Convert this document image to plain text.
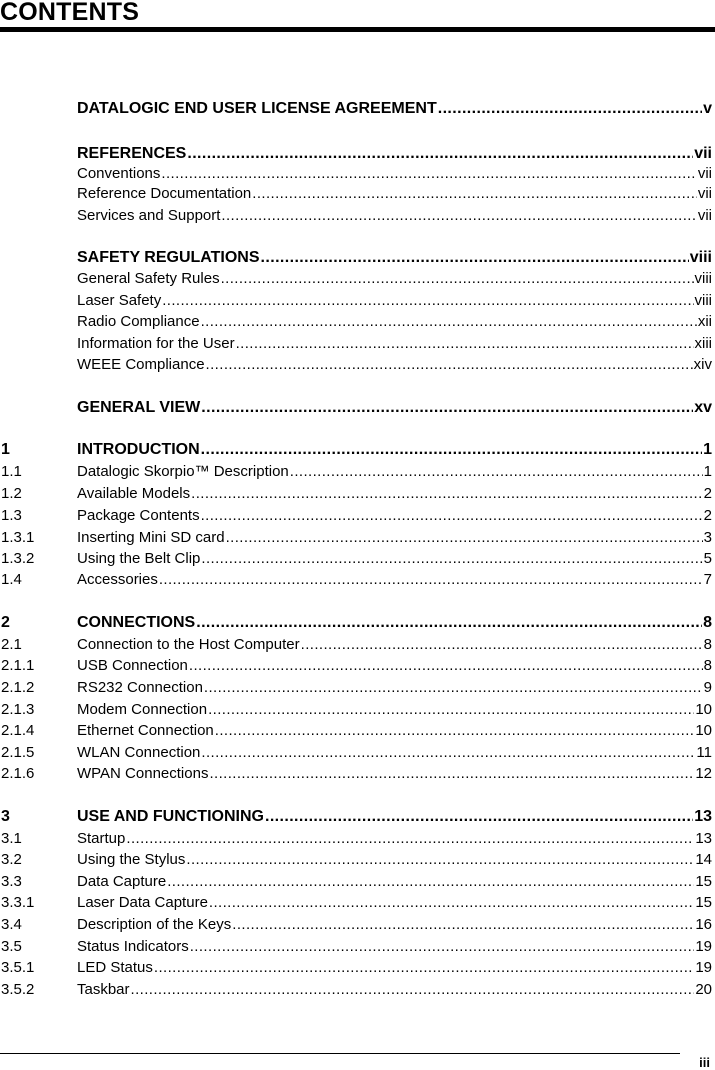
CONTENTS
DATALOGIC END USER LICENSE AGREEMENT .....	v
REFERENCES .....	vii
Conventions .....	vii
Reference Documentation .....	vii
Services and Support .....	vii
SAFETY REGULATIONS .....	viii
General Safety Rules .....	viii
Laser Safety .....	viii
Radio Compliance .....	xii
Information for the User .....	xiii
WEEE Compliance .....	xiv
GENERAL VIEW .....	xv
1	INTRODUCTION .....	1
1.1	Datalogic Skorpio™ Description .....	1
1.2	Available Models .....	2
1.3	Package Contents .....	2
1.3.1	Inserting Mini SD card .....	3
1.3.2	Using the Belt Clip .....	5
1.4	Accessories .....	7
2	CONNECTIONS .....	8
2.1	Connection to the Host Computer .....	8
2.1.1	USB Connection .....	8
2.1.2	RS232 Connection .....	9
2.1.3	Modem Connection .....	10
2.1.4	Ethernet Connection .....	10
2.1.5	WLAN Connection .....	11
2.1.6	WPAN Connections .....	12
3	USE AND FUNCTIONING .....	13
3.1	Startup .....	13
3.2	Using the Stylus .....	14
3.3	Data Capture .....	15
3.3.1	Laser Data Capture .....	15
3.4	Description of the Keys .....	16
3.5	Status Indicators .....	19
3.5.1	LED Status .....	19
3.5.2	Taskbar .....	20
iii
